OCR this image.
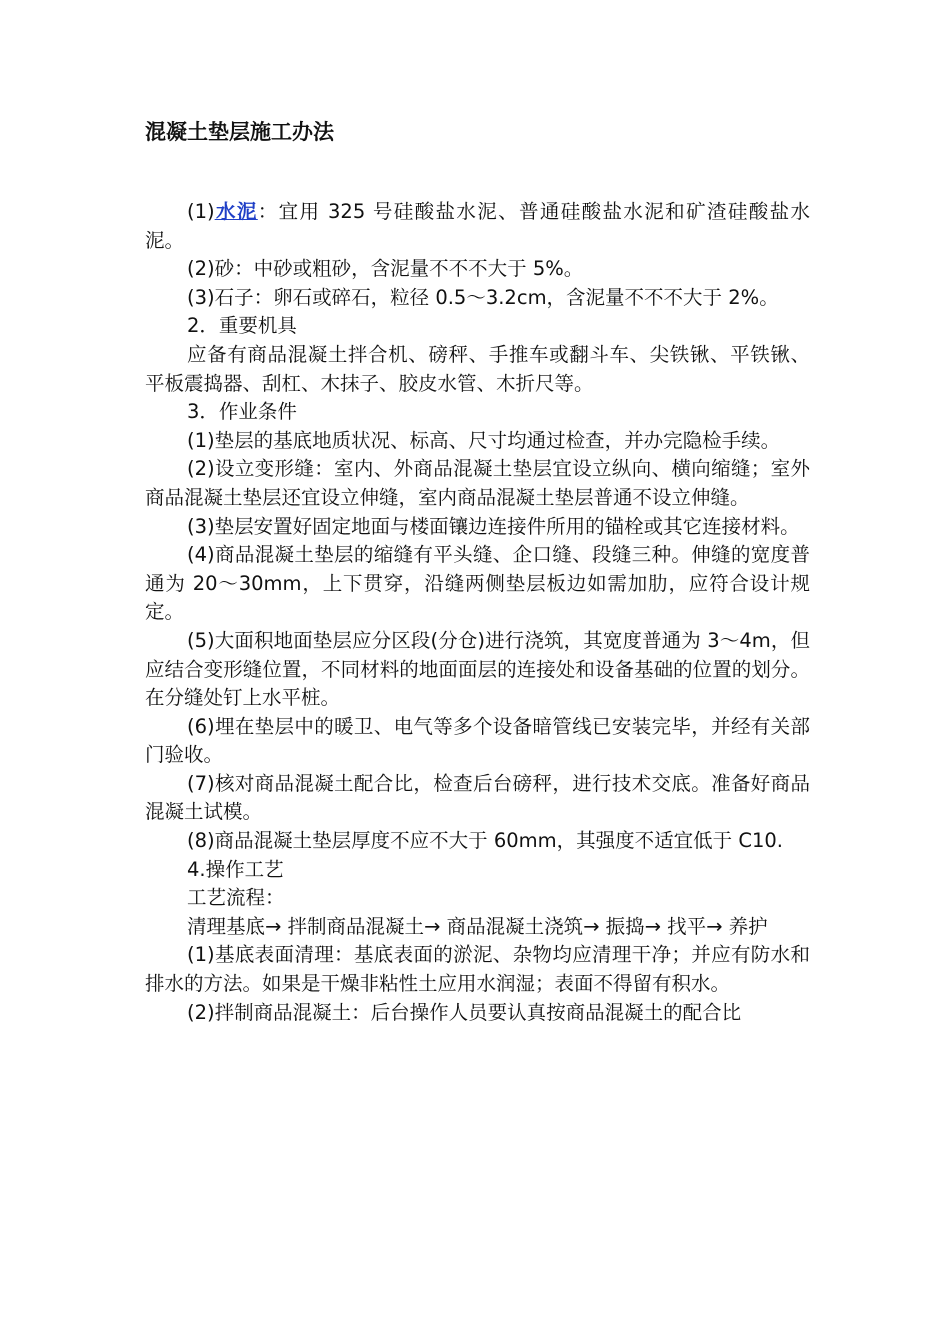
混凝土垫层施工办法

(1)水泥：宜用 325 号硅酸盐水泥、普通硅酸盐水泥和矿渣硅酸盐水泥。

(2)砂：中砂或粗砂，含泥量不不不大于 5%。

(3)石子：卵石或碎石，粒径 0.5～3.2cm，含泥量不不不大于 2%。

2．重要机具

应备有商品混凝土拌合机、磅秤、手推车或翻斗车、尖铁锹、平铁锹、平板震捣器、刮杠、木抹子、胶皮水管、木折尺等。

3．作业条件

(1)垫层的基底地质状况、标高、尺寸均通过检查，并办完隐检手续。

(2)设立变形缝：室内、外商品混凝土垫层宜设立纵向、横向缩缝；室外商品混凝土垫层还宜设立伸缝，室内商品混凝土垫层普通不设立伸缝。

(3)垫层安置好固定地面与楼面镶边连接件所用的锚栓或其它连接材料。

(4)商品混凝土垫层的缩缝有平头缝、企口缝、段缝三种。伸缝的宽度普通为 20～30mm，上下贯穿，沿缝两侧垫层板边如需加肋，应符合设计规定。

(5)大面积地面垫层应分区段(分仓)进行浇筑，其宽度普通为 3～4m，但应结合变形缝位置，不同材料的地面面层的连接处和设备基础的位置的划分。在分缝处钉上水平桩。

(6)埋在垫层中的暖卫、电气等多个设备暗管线已安装完毕，并经有关部门验收。

(7)核对商品混凝土配合比，检查后台磅秤，进行技术交底。准备好商品混凝土试模。

(8)商品混凝土垫层厚度不应不大于 60mm，其强度不适宜低于 C10.

4.操作工艺

工艺流程：

清理基底→ 拌制商品混凝土→ 商品混凝土浇筑→ 振捣→ 找平→ 养护

(1)基底表面清理：基底表面的淤泥、杂物均应清理干净；并应有防水和排水的方法。如果是干燥非粘性土应用水润湿；表面不得留有积水。

(2)拌制商品混凝土：后台操作人员要认真按商品混凝土的配合比
